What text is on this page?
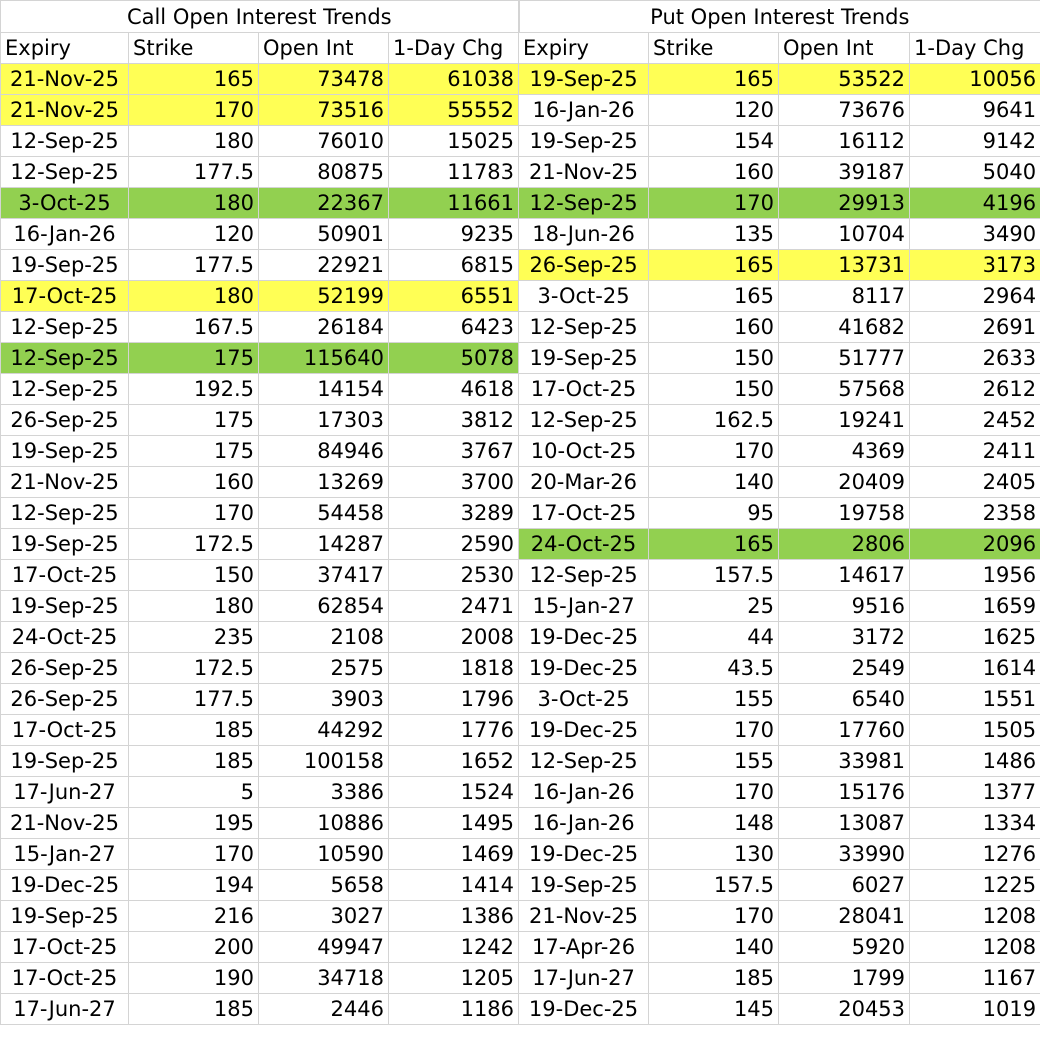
Call Open Interest Trends				Put Open Interest Trends			
Expiry	Strike	Open Int	1-Day Chg	Expiry	Strike	Open Int	1-Day Chg
21-Nov-25	165	73478	61038	19-Sep-25	165	53522	10056
21-Nov-25	170	73516	55552	16-Jan-26	120	73676	9641
12-Sep-25	180	76010	15025	19-Sep-25	154	16112	9142
12-Sep-25	177.5	80875	11783	21-Nov-25	160	39187	5040
3-Oct-25	180	22367	11661	12-Sep-25	170	29913	4196
16-Jan-26	120	50901	9235	18-Jun-26	135	10704	3490
19-Sep-25	177.5	22921	6815	26-Sep-25	165	13731	3173
17-Oct-25	180	52199	6551	3-Oct-25	165	8117	2964
12-Sep-25	167.5	26184	6423	12-Sep-25	160	41682	2691
12-Sep-25	175	115640	5078	19-Sep-25	150	51777	2633
12-Sep-25	192.5	14154	4618	17-Oct-25	150	57568	2612
26-Sep-25	175	17303	3812	12-Sep-25	162.5	19241	2452
19-Sep-25	175	84946	3767	10-Oct-25	170	4369	2411
21-Nov-25	160	13269	3700	20-Mar-26	140	20409	2405
12-Sep-25	170	54458	3289	17-Oct-25	95	19758	2358
19-Sep-25	172.5	14287	2590	24-Oct-25	165	2806	2096
17-Oct-25	150	37417	2530	12-Sep-25	157.5	14617	1956
19-Sep-25	180	62854	2471	15-Jan-27	25	9516	1659
24-Oct-25	235	2108	2008	19-Dec-25	44	3172	1625
26-Sep-25	172.5	2575	1818	19-Dec-25	43.5	2549	1614
26-Sep-25	177.5	3903	1796	3-Oct-25	155	6540	1551
17-Oct-25	185	44292	1776	19-Dec-25	170	17760	1505
19-Sep-25	185	100158	1652	12-Sep-25	155	33981	1486
17-Jun-27	5	3386	1524	16-Jan-26	170	15176	1377
21-Nov-25	195	10886	1495	16-Jan-26	148	13087	1334
15-Jan-27	170	10590	1469	19-Dec-25	130	33990	1276
19-Dec-25	194	5658	1414	19-Sep-25	157.5	6027	1225
19-Sep-25	216	3027	1386	21-Nov-25	170	28041	1208
17-Oct-25	200	49947	1242	17-Apr-26	140	5920	1208
17-Oct-25	190	34718	1205	17-Jun-27	185	1799	1167
17-Jun-27	185	2446	1186	19-Dec-25	145	20453	1019
